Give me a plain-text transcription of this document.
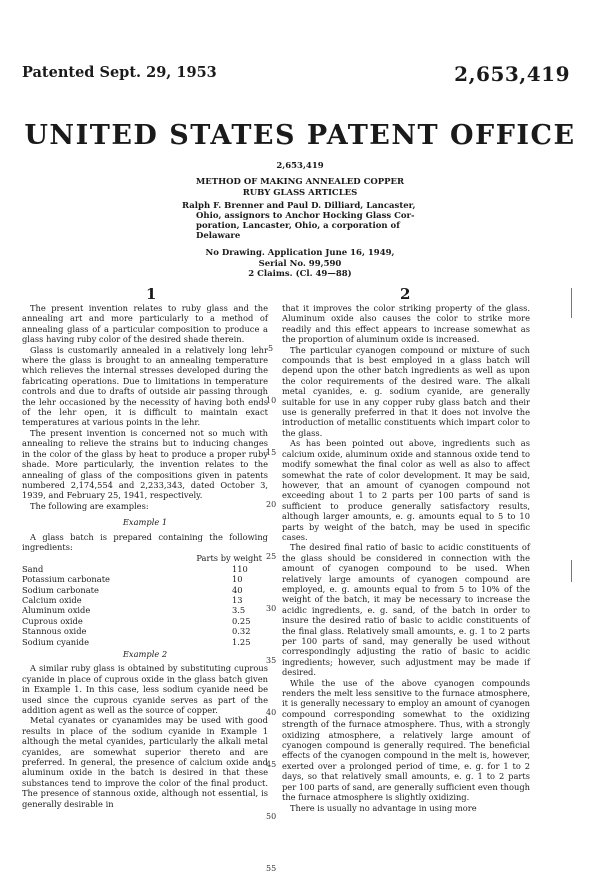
Patented Sept. 29, 1953	2,653,419
UNITED STATES PATENT OFFICE
2,653,419
METHOD OF MAKING ANNEALED COPPER
RUBY GLASS ARTICLES
Ralph F. Brenner and Paul D. Dilliard, Lancaster,
Ohio, assignors to Anchor Hocking Glass Cor-
poration, Lancaster, Ohio, a corporation of
Delaware
No Drawing. Application June 16, 1949,
Serial No. 99,590
2 Claims. (Cl. 49—88)
1	2

The present invention relates to ruby glass and the annealing art and more particularly to a method of annealing glass of a particular composition to produce a glass having ruby color of the desired shade therein.

Glass is customarily annealed in a relatively long lehr where the glass is brought to an annealing temperature which relieves the internal stresses developed during the fabricating operations. Due to limitations in temperature controls and due to drafts of outside air passing through the lehr occasioned by the necessity of having both ends of the lehr open, it is difficult to maintain exact temperatures at various points in the lehr.

The present invention is concerned not so much with annealing to relieve the strains but to inducing changes in the color of the glass by heat to produce a proper ruby shade. More particularly, the invention relates to the annealing of glass of the compositions given in patents numbered 2,174,554 and 2,233,343, dated October 3, 1939, and February 25, 1941, respectively.

The following are examples:

Example 1

A glass batch is prepared containing the following ingredients:

	Parts by weight	
Sand		110
Potassium carbonate		10
Sodium carbonate		40
Calcium oxide		13
Aluminum oxide		3.5
Cuprous oxide		0.25
Stannous oxide		0.32
Sodium cyanide		1.25

Example 2

A similar ruby glass is obtained by substituting cuprous cyanide in place of cuprous oxide in the glass batch given in Example 1. In this case, less sodium cyanide need be used since the cuprous cyanide serves as part of the addition agent as well as the source of copper.

Metal cyanates or cyanamides may be used with good results in place of the sodium cyanide in Example 1 although the metal cyanides, particularly the alkali metal cyanides, are somewhat superior thereto and are preferred. In general, the presence of calcium oxide and aluminum oxide in the batch is desired in that these substances tend to improve the color of the final product. The presence of stannous oxide, although not essential, is generally desirable in

5
10
15
20
25
30
35
40
45
50
55

that it improves the color striking property of the glass. Aluminum oxide also causes the color to strike more readily and this effect appears to increase somewhat as the proportion of aluminum oxide is increased.

The particular cyanogen compound or mixture of such compounds that is best employed in a glass batch will depend upon the other batch ingredients as well as upon the color requirements of the desired ware. The alkali metal cyanides, e. g. sodium cyanide, are generally suitable for use in any copper ruby glass batch and their use is generally preferred in that it does not involve the introduction of metallic constituents which impart color to the glass.

As has been pointed out above, ingredients such as calcium oxide, aluminum oxide and stannous oxide tend to modify somewhat the final color as well as also to affect somewhat the rate of color development. It may be said, however, that an amount of cyanogen compound not exceeding about 1 to 2 parts per 100 parts of sand is sufficient to produce generally satisfactory results, although larger amounts, e. g. amounts equal to 5 to 10 parts by weight of the batch, may be used in specific cases.

The desired final ratio of basic to acidic constituents of the glass should be considered in connection with the amount of cyanogen compound to be used. When relatively large amounts of cyanogen compound are employed, e. g. amounts equal to from 5 to 10% of the weight of the batch, it may be necessary to increase the acidic ingredients, e. g. sand, of the batch in order to insure the desired ratio of basic to acidic constituents of the final glass. Relatively small amounts, e. g. 1 to 2 parts per 100 parts of sand, may generally be used without correspondingly adjusting the ratio of basic to acidic ingredients; however, such adjustment may be made if desired.

While the use of the above cyanogen compounds renders the melt less sensitive to the furnace atmosphere, it is generally necessary to employ an amount of cyanogen compound corresponding somewhat to the oxidizing strength of the furnace atmosphere. Thus, with a strongly oxidizing atmosphere, a relatively large amount of cyanogen compound is generally required. The beneficial effects of the cyanogen compound in the melt is, however, exerted over a prolonged period of time, e. g. for 1 to 2 days, so that relatively small amounts, e. g. 1 to 2 parts per 100 parts of sand, are generally sufficient even though the furnace atmosphere is slightly oxidizing.

There is usually no advantage in using more
